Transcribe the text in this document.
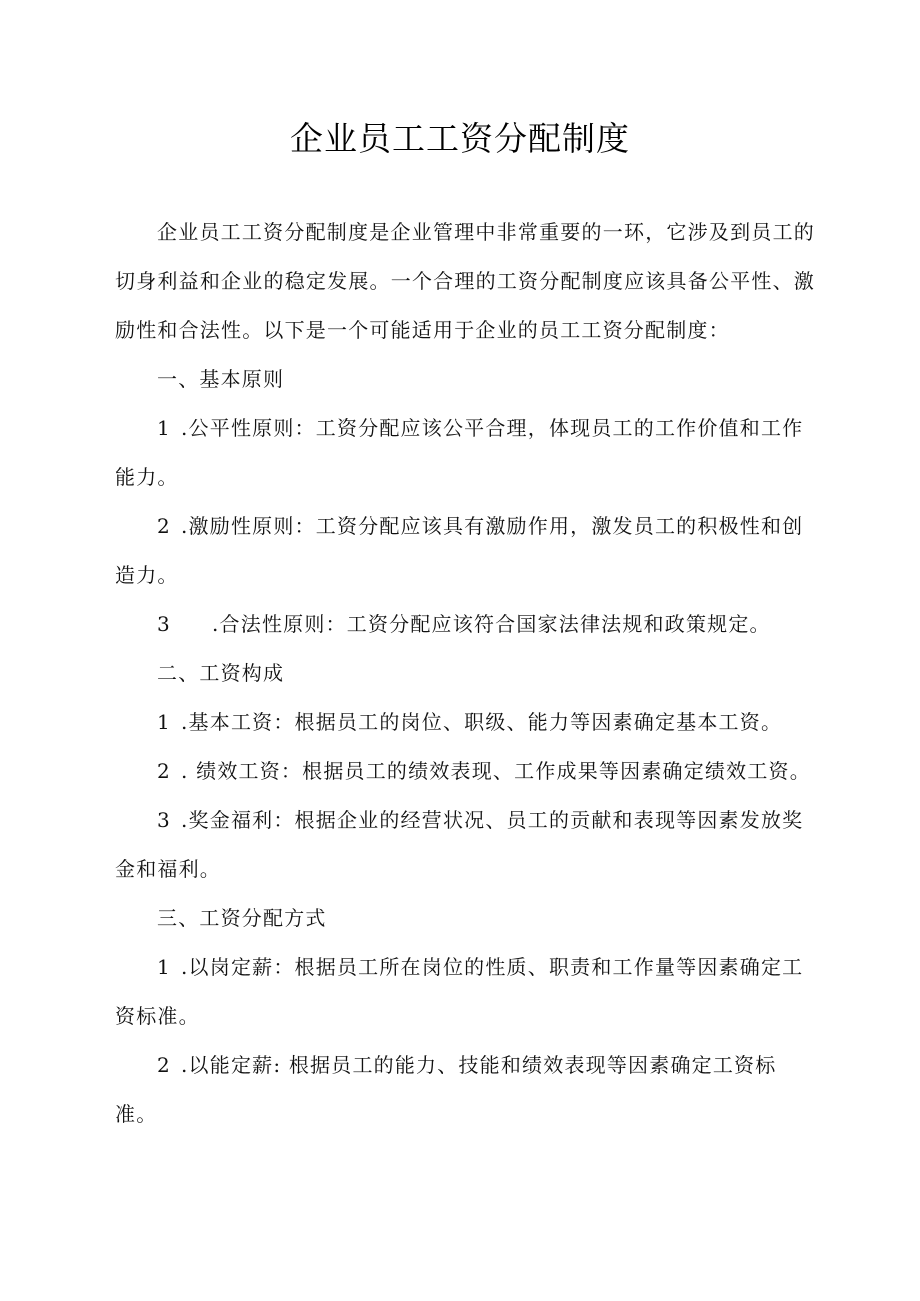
企业员工工资分配制度

企业员工工资分配制度是企业管理中非常重要的一环，它涉及到员工的切身利益和企业的稳定发展。一个合理的工资分配制度应该具备公平性、激励性和合法性。以下是一个可能适用于企业的员工工资分配制度：

一、基本原则

1 .公平性原则：工资分配应该公平合理，体现员工的工作价值和工作能力。

2 .激励性原则：工资分配应该具有激励作用，激发员工的积极性和创造力。

3 .合法性原则：工资分配应该符合国家法律法规和政策规定。

二、工资构成

1 .基本工资：根据员工的岗位、职级、能力等因素确定基本工资。

2 . 绩效工资：根据员工的绩效表现、工作成果等因素确定绩效工资。

3 .奖金福利：根据企业的经营状况、员工的贡献和表现等因素发放奖金和福利。

三、工资分配方式

1 .以岗定薪：根据员工所在岗位的性质、职责和工作量等因素确定工资标准。

2 .以能定薪: 根据员工的能力、技能和绩效表现等因素确定工资标准。
